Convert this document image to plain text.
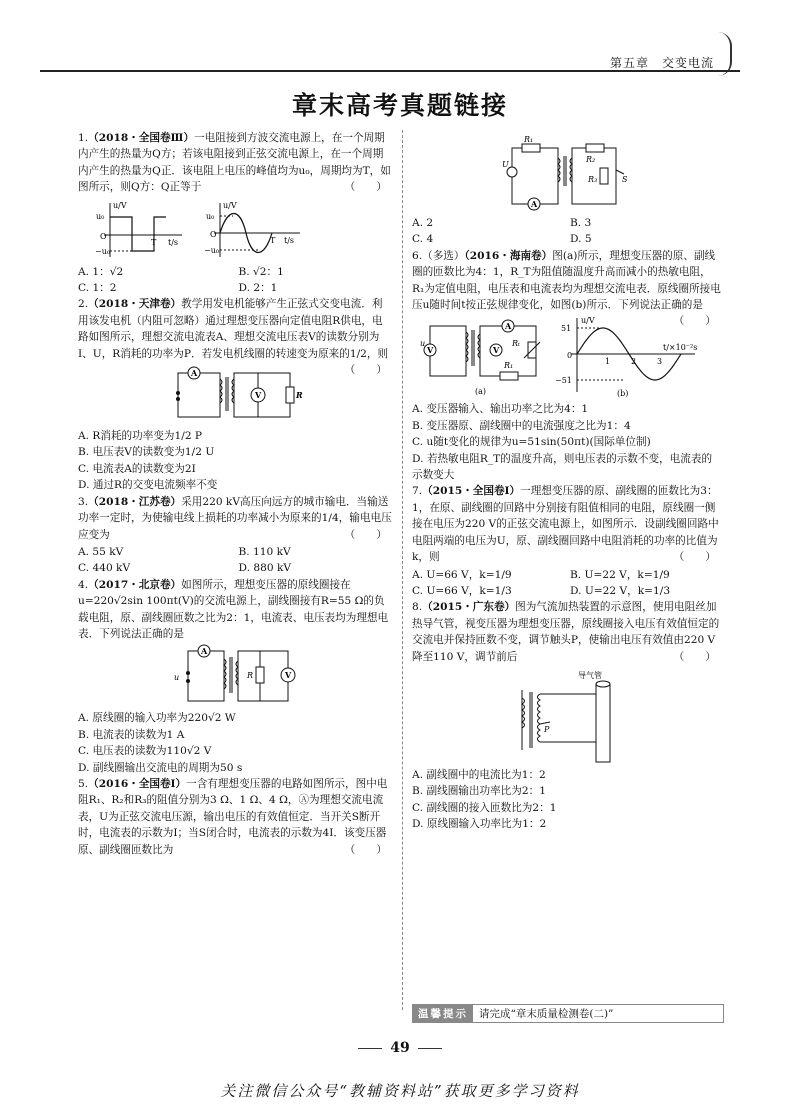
第五章　交变电流
章末高考真题链接
1.（2018・全国卷Ⅲ）一电阻接到方波交流电源上，在一个周期内产生的热量为Q方；若该电阻接到正弦交流电源上，在一个周期内产生的热量为Q正．该电阻上电压的峰值均为u₀，周期均为T，如图所示，则Q方：Q正等于	（　　）
u/V
u₀
O
−u₀
T t/s
u/V
u₀
O
−u₀
T t/s
A. 1：√2	B. √2：1
C. 1：2	D. 2：1
2.（2018・天津卷）教学用发电机能够产生正弦式交变电流．利用该发电机（内阻可忽略）通过理想变压器向定值电阻R供电，电路如图所示，理想交流电流表A、理想交流电压表V的读数分别为I、U，R消耗的功率为P．若发电机线圈的转速变为原来的1/2，则
（　　）
A
V	R
A. R消耗的功率变为1/2 P
B. 电压表V的读数变为1/2 U
C. 电流表A的读数变为2I
D. 通过R的交变电流频率不变
3.（2018・江苏卷）采用220 kV高压向远方的城市输电．当输送功率一定时，为使输电线上损耗的功率减小为原来的1/4，输电电压应变为	（　　）
A. 55 kV	B. 110 kV
C. 440 kV	D. 880 kV
4.（2017・北京卷）如图所示，理想变压器的原线圈接在u=220√2sin 100πt(V)的交流电源上，副线圈接有R=55 Ω的负载电阻，原、副线圈匝数之比为2：1，电流表、电压表均为理想电表．下列说法正确的是
A
u	R	V
A. 原线圈的输入功率为220√2 W
B. 电流表的读数为1 A
C. 电压表的读数为110√2 V
D. 副线圈输出交流电的周期为50 s
5.（2016・全国卷Ⅰ）一含有理想变压器的电路如图所示，图中电阻R₁、R₂和R₃的阻值分别为3 Ω、1 Ω、4 Ω，Ⓐ为理想交流电流表，U为正弦交流电压源，输出电压的有效值恒定．当开关S断开时，电流表的示数为I；当S闭合时，电流表的示数为4I．该变压器原、副线圈匝数比为	（　　）
R₁
U
A
R₂
R₃	S
A. 2	B. 3
C. 4	D. 5
6.（多选）（2016・海南卷）图(a)所示，理想变压器的原、副线圈的匝数比为4：1，R_T为阻值随温度升高而减小的热敏电阻，R₁为定值电阻，电压表和电流表均为理想交流电表．原线圈所接电压u随时间t按正弦规律变化，如图(b)所示．下列说法正确的是
（　　）
V
u
A
V
Rₜ
R₁
(a)
u/V
51
0
−51
1	2	3
t/×10⁻²s
(b)
A. 变压器输入、输出功率之比为4：1
B. 变压器原、副线圈中的电流强度之比为1：4
C. u随t变化的规律为u=51sin(50πt)(国际单位制)
D. 若热敏电阻R_T的温度升高，则电压表的示数不变，电流表的示数变大
7.（2015・全国卷Ⅰ）一理想变压器的原、副线圈的匝数比为3：1，在原、副线圈的回路中分别接有阻值相同的电阻，原线圈一侧接在电压为220 V的正弦交流电源上，如图所示．设副线圈回路中电阻两端的电压为U，原、副线圈回路中电阻消耗的功率的比值为k，则	（　　）
A. U=66 V，k=1/9	B. U=22 V，k=1/9
C. U=66 V，k=1/3	D. U=22 V，k=1/3
8.（2015・广东卷）图为气流加热装置的示意图，使用电阻丝加热导气管，视变压器为理想变压器，原线圈接入电压有效值恒定的交流电并保持匝数不变，调节触头P，使输出电压有效值由220 V降至110 V，调节前后	（　　）
导气管
P
A. 副线圈中的电流比为1：2
B. 副线圈输出功率比为2：1
C. 副线圈的接入匝数比为2：1
D. 原线圈输入功率比为1：2
温馨提示	请完成“章末质量检测卷(二)”
49
关注微信公众号“教辅资料站”获取更多学习资料
